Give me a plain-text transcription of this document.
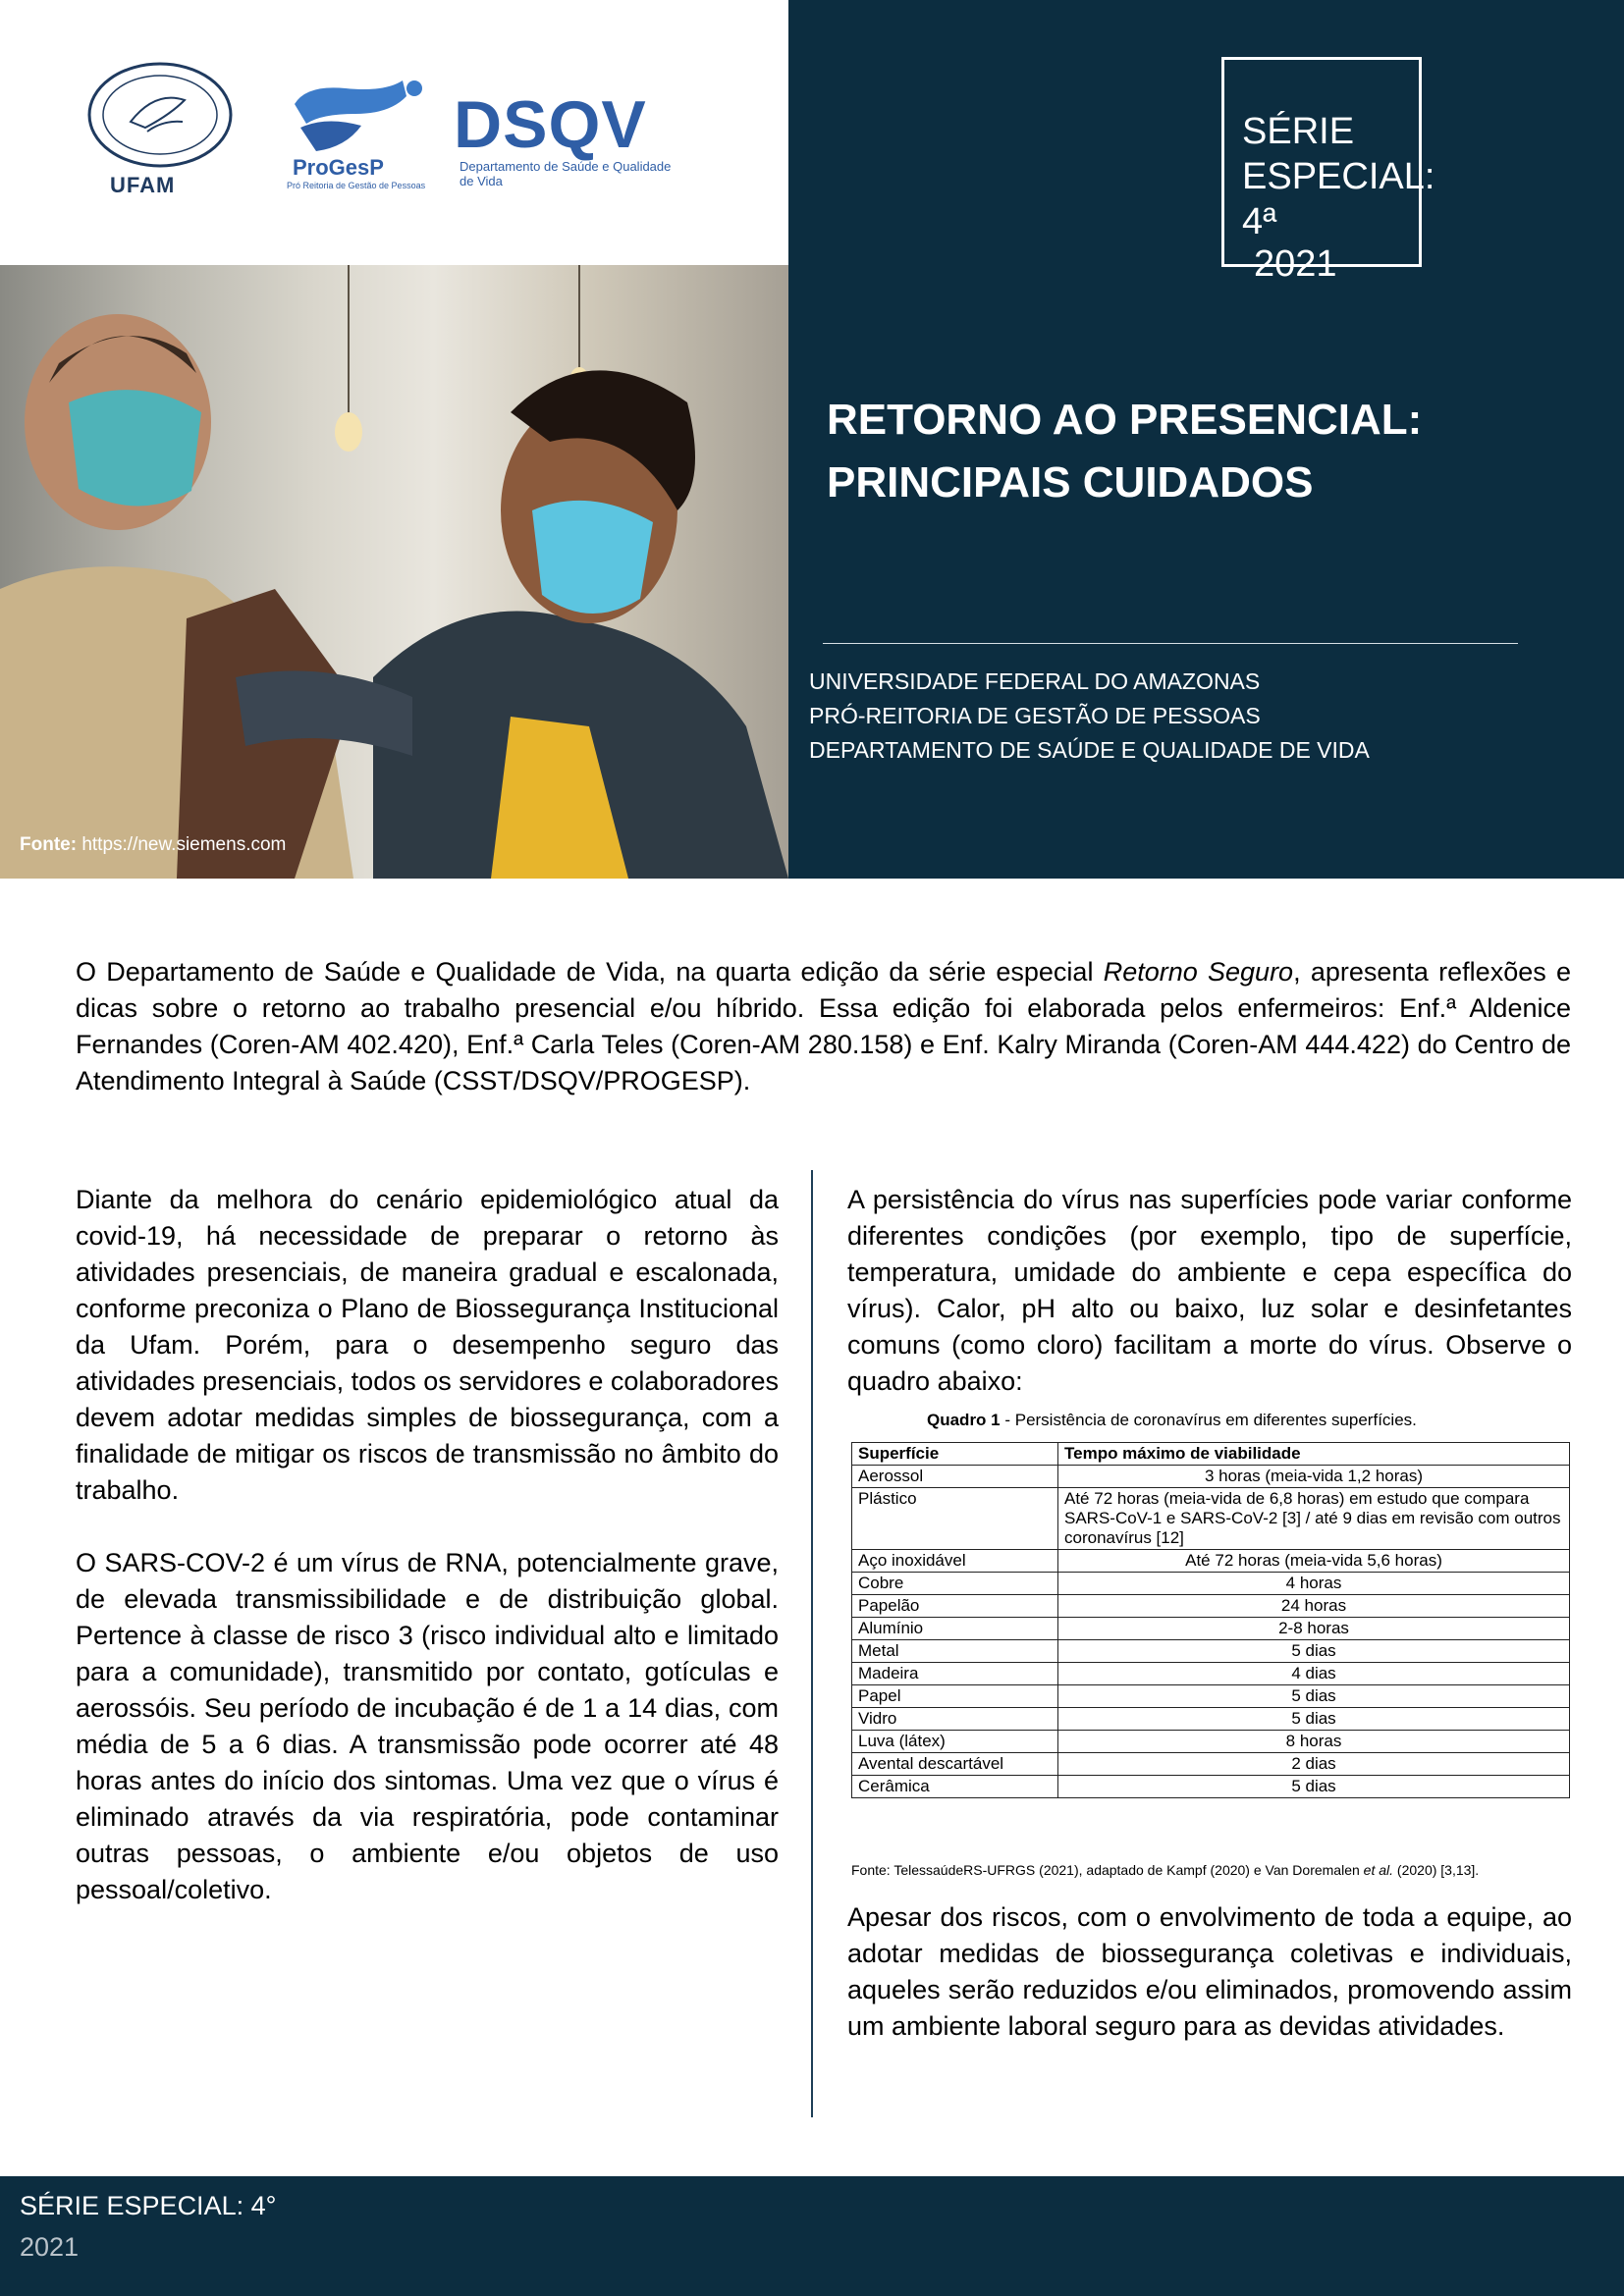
UFAM
ProGesP
Pró Reitoria de Gestão de Pessoas
DSQV
Departamento de Saúde e Qualidade de Vida
Fonte: https://new.siemens.com
SÉRIE ESPECIAL: 4ª
2021
RETORNO AO PRESENCIAL: PRINCIPAIS CUIDADOS
UNIVERSIDADE FEDERAL DO AMAZONAS
PRÓ-REITORIA DE GESTÃO DE PESSOAS
DEPARTAMENTO DE SAÚDE E QUALIDADE DE VIDA
O Departamento de Saúde e Qualidade de Vida, na quarta edição da série especial Retorno Seguro, apresenta reflexões e dicas sobre o retorno ao trabalho presencial e/ou híbrido. Essa edição foi elaborada pelos enfermeiros: Enf.ª Aldenice Fernandes (Coren-AM 402.420), Enf.ª Carla Teles (Coren-AM 280.158) e Enf. Kalry Miranda (Coren-AM 444.422) do Centro de Atendimento Integral à Saúde (CSST/DSQV/PROGESP).

Diante da melhora do cenário epidemiológico atual da covid-19, há necessidade de preparar o retorno às atividades presenciais, de maneira gradual e escalonada, conforme preconiza o Plano de Biossegurança Institucional da Ufam. Porém, para o desempenho seguro das atividades presenciais, todos os servidores e colaboradores devem adotar medidas simples de biossegurança, com a finalidade de mitigar os riscos de transmissão no âmbito do trabalho.

O SARS-COV-2 é um vírus de RNA, potencialmente grave, de elevada transmissibilidade e de distribuição global. Pertence à classe de risco 3 (risco individual alto e limitado para a comunidade), transmitido por contato, gotículas e aerossóis. Seu período de incubação é de 1 a 14 dias, com média de 5 a 6 dias. A transmissão pode ocorrer até 48 horas antes do início dos sintomas. Uma vez que o vírus é eliminado através da via respiratória, pode contaminar outras pessoas, o ambiente e/ou objetos de uso pessoal/coletivo.

A persistência do vírus nas superfícies pode variar conforme diferentes condições (por exemplo, tipo de superfície, temperatura, umidade do ambiente e cepa específica do vírus). Calor, pH alto ou baixo, luz solar e desinfetantes comuns (como cloro) facilitam a morte do vírus. Observe o quadro abaixo:
Quadro 1 - Persistência de coronavírus em diferentes superfícies.
Superfície	Tempo máximo de viabilidade
Aerossol	3 horas (meia-vida 1,2 horas)
Plástico	Até 72 horas (meia-vida de 6,8 horas) em estudo que compara SARS-CoV-1 e SARS-CoV-2 [3] / até 9 dias em revisão com outros coronavírus [12]
Aço inoxidável	Até 72 horas (meia-vida 5,6 horas)
Cobre	4 horas
Papelão	24 horas
Alumínio	2-8 horas
Metal	5 dias
Madeira	4 dias
Papel	5 dias
Vidro	5 dias
Luva (látex)	8 horas
Avental descartável	2 dias
Cerâmica	5 dias
Fonte: TelessaúdeRS-UFRGS (2021), adaptado de Kampf (2020) e Van Doremalen et al. (2020) [3,13].
Apesar dos riscos, com o envolvimento de toda a equipe, ao adotar medidas de biossegurança coletivas e individuais, aqueles serão reduzidos e/ou eliminados, promovendo assim um ambiente laboral seguro para as devidas atividades.
SÉRIE ESPECIAL: 4°
2021
